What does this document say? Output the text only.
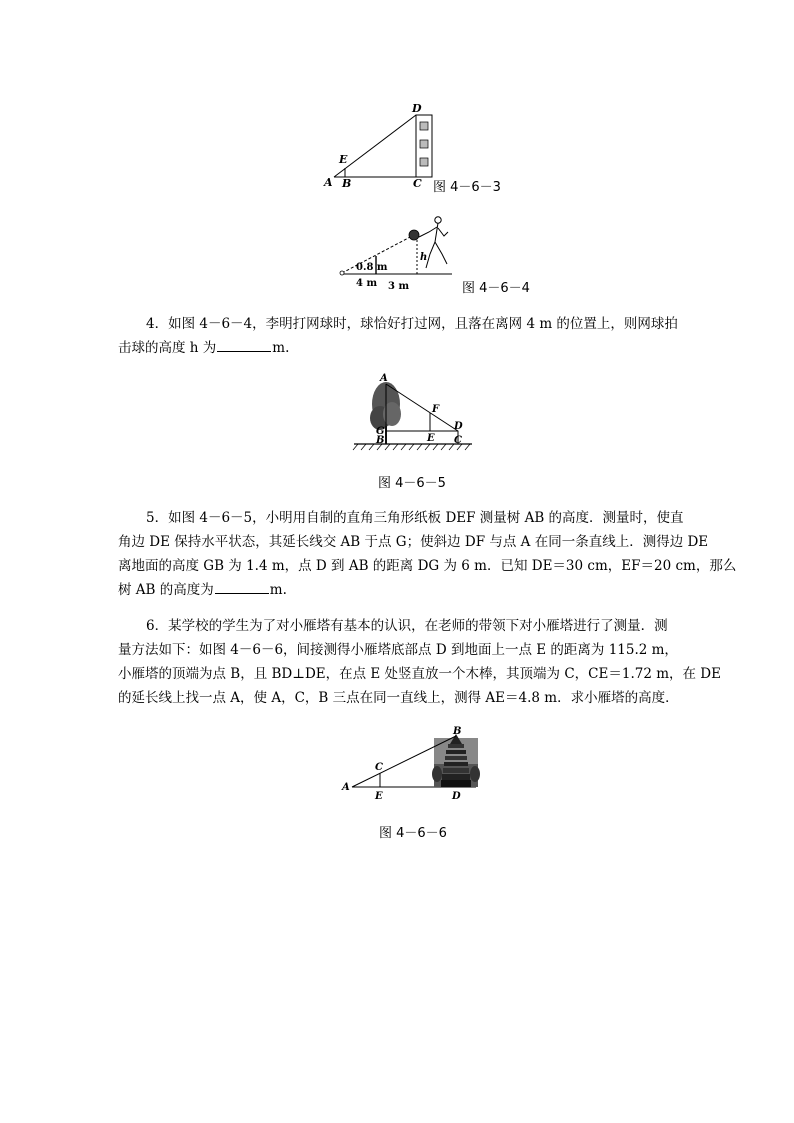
D
E
A B	C 图 4－6－3
0.8 m
h
4 m 3 m	图 4－6－4
4．如图 4－6－4，李明打网球时，球恰好打过网，且落在离网 4 m 的位置上，则网球拍
击球的高度 h 为	m.
A
F
D
G
B	E C
图 4－6－5
5．如图 4－6－5，小明用自制的直角三角形纸板 DEF 测量树 AB 的高度．测量时，使直
角边 DE 保持水平状态，其延长线交 AB 于点 G；使斜边 DF 与点 A 在同一条直线上．测得边 DE
离地面的高度 GB 为 1.4 m，点 D 到 AB 的距离 DG 为 6 m．已知 DE＝30 cm，EF＝20 cm，那么
树 AB 的高度为	m.
6．某学校的学生为了对小雁塔有基本的认识，在老师的带领下对小雁塔进行了测量．测
量方法如下：如图 4－6－6，间接测得小雁塔底部点 D 到地面上一点 E 的距离为 115.2 m，
小雁塔的顶端为点 B，且 BD⊥DE，在点 E 处竖直放一个木棒，其顶端为 C，CE＝1.72 m，在 DE
的延长线上找一点 A，使 A，C，B 三点在同一直线上，测得 AE＝4.8 m．求小雁塔的高度．
B
C
A
E	D
图 4－6－6
